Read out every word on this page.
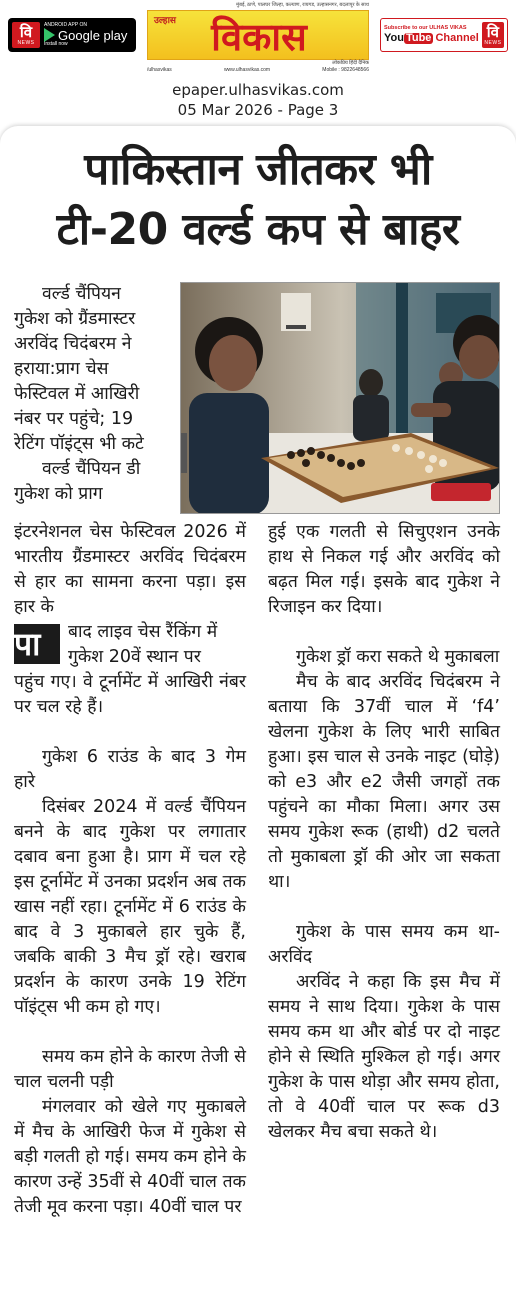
वि
NEWS
ANDROID APP ON
Google play
Install now
मुंबई, ठाणे, पालघर जिल्हा, कल्याण, रायगड, उल्हासनगर, बदलापूर के साथ
उल्हास विकास
लोकप्रिय हिंदी दैनिक
/ulhasvikas	www.ulhasvikas.com	Mobile : 9822648566
Subscribe to our ULHAS VIKAS
You Tube Channel वि
NEWS
epaper.ulhasvikas.com
05 Mar 2026 - Page 3
पाकिस्तान जीतकर भी
टी-20 वर्ल्ड कप से बाहर
वर्ल्ड चैंपियन
गुकेश को ग्रैंडमास्टर
अरविंद चिदंबरम ने
हराया:प्राग चेस
फेस्टिवल में आखिरी
नंबर पर पहुंचे; 19
रेटिंग पॉइंट्स भी कटे
वर्ल्ड चैंपियन डी
गुकेश को प्राग
इंटरनेशनल चेस फेस्टिवल 2026 में भारतीय ग्रैंडमास्टर अरविंद चिदंबरम से हार का सामना करना पड़ा। इस हार के
पा	बाद लाइव चेस रैंकिंग में
गुकेश 20वें स्थान पर
पहुंच गए। वे टूर्नामेंट में आखिरी नंबर पर चल रहे हैं।
गुकेश 6 राउंड के बाद 3 गेम हारे
दिसंबर 2024 में वर्ल्ड चैंपियन बनने के बाद गुकेश पर लगातार दबाव बना हुआ है। प्राग में चल रहे इस टूर्नामेंट में उनका प्रदर्शन अब तक खास नहीं रहा। टूर्नामेंट में 6 राउंड के बाद वे 3 मुकाबले हार चुके हैं, जबकि बाकी 3 मैच ड्रॉ रहे। खराब प्रदर्शन के कारण उनके 19 रेटिंग पॉइंट्स भी कम हो गए।
समय कम होने के कारण तेजी से चाल चलनी पड़ी
मंगलवार को खेले गए मुकाबले में मैच के आखिरी फेज में गुकेश से बड़ी गलती हो गई। समय कम होने के कारण उन्हें 35वीं से 40वीं चाल तक तेजी मूव करना पड़ा। 40वीं चाल पर
हुई एक गलती से सिचुएशन उनके हाथ से निकल गई और अरविंद को बढ़त मिल गई। इसके बाद गुकेश ने रिजाइन कर दिया।
गुकेश ड्रॉ करा सकते थे मुकाबला
मैच के बाद अरविंद चिदंबरम ने बताया कि 37वीं चाल में ‘f4’ खेलना गुकेश के लिए भारी साबित हुआ। इस चाल से उनके नाइट (घोड़े) को e3 और e2 जैसी जगहों तक पहुंचने का मौका मिला। अगर उस समय गुकेश रूक (हाथी) d2 चलते तो मुकाबला ड्रॉ की ओर जा सकता था।
गुकेश के पास समय कम था- अरविंद
अरविंद ने कहा कि इस मैच में समय ने साथ दिया। गुकेश के पास समय कम था और बोर्ड पर दो नाइट होने से स्थिति मुश्किल हो गई। अगर गुकेश के पास थोड़ा और समय होता, तो वे 40वीं चाल पर रूक d3 खेलकर मैच बचा सकते थे।
